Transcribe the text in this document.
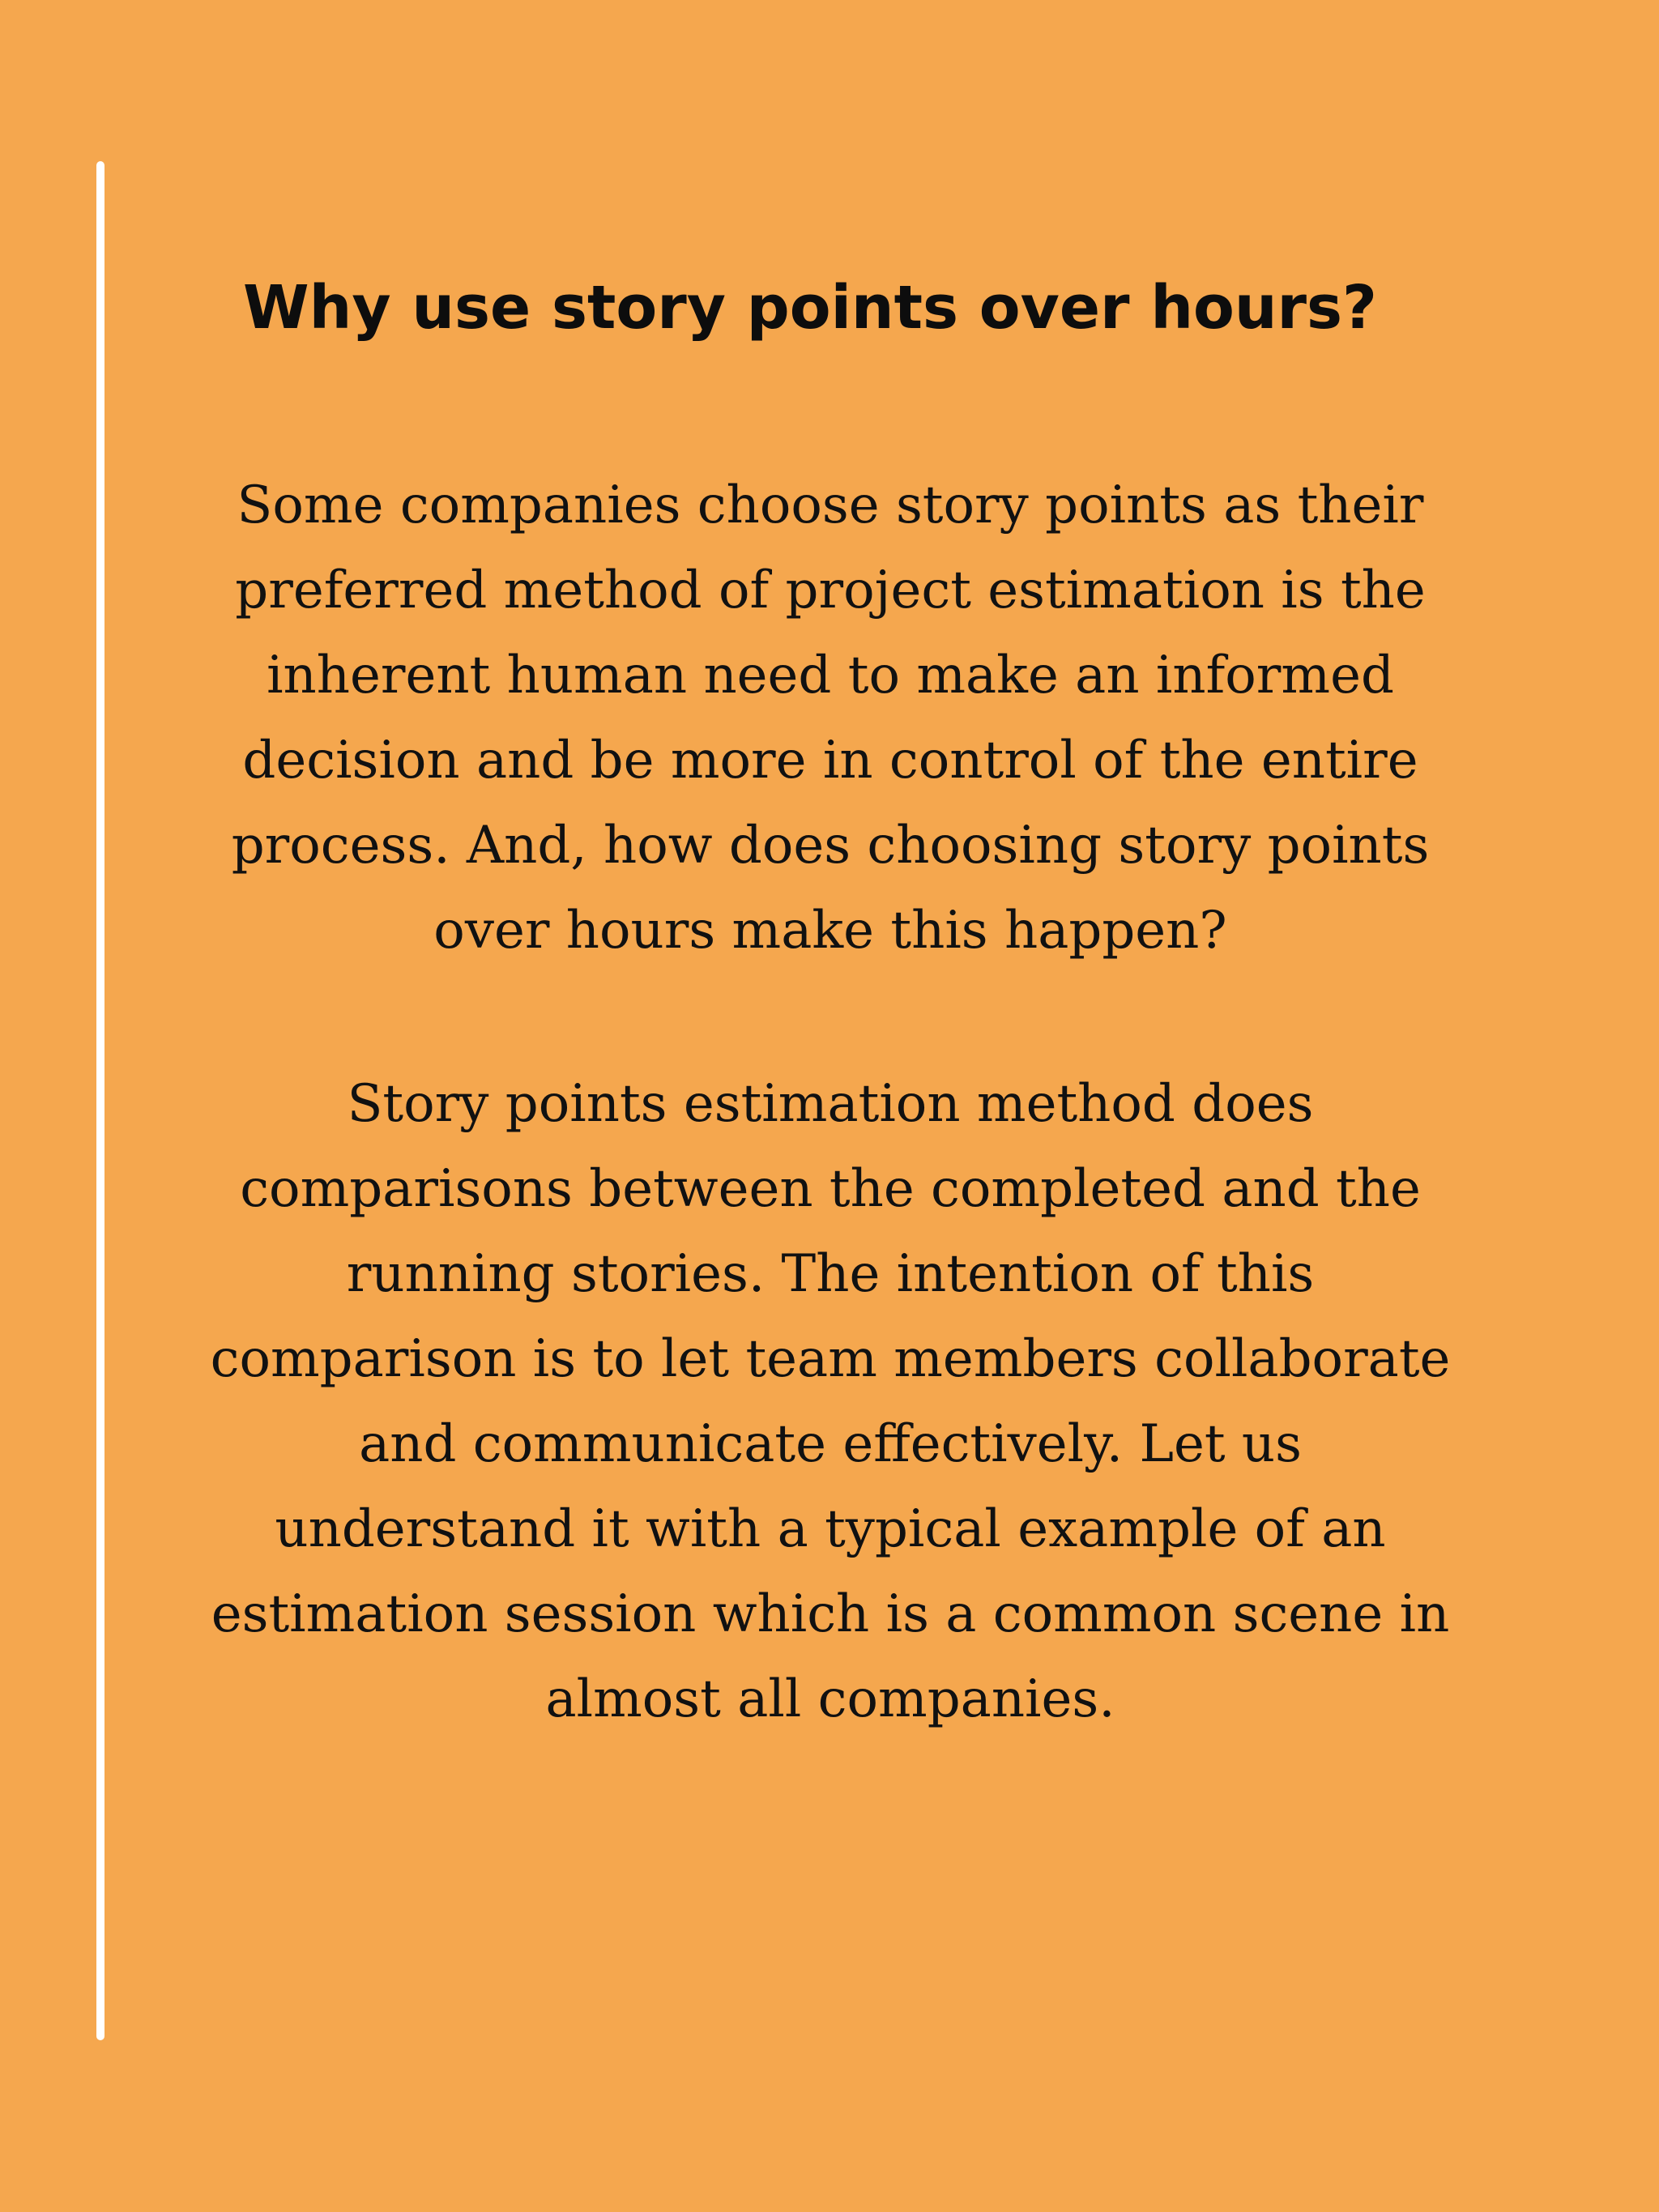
Why use story points over hours?

Some companies choose story points as their
preferred method of project estimation is the
inherent human need to make an informed
decision and be more in control of the entire
process. And, how does choosing story points
over hours make this happen?

Story points estimation method does
comparisons between the completed and the
running stories. The intention of this
comparison is to let team members collaborate
and communicate effectively. Let us
understand it with a typical example of an
estimation session which is a common scene in
almost all companies.
